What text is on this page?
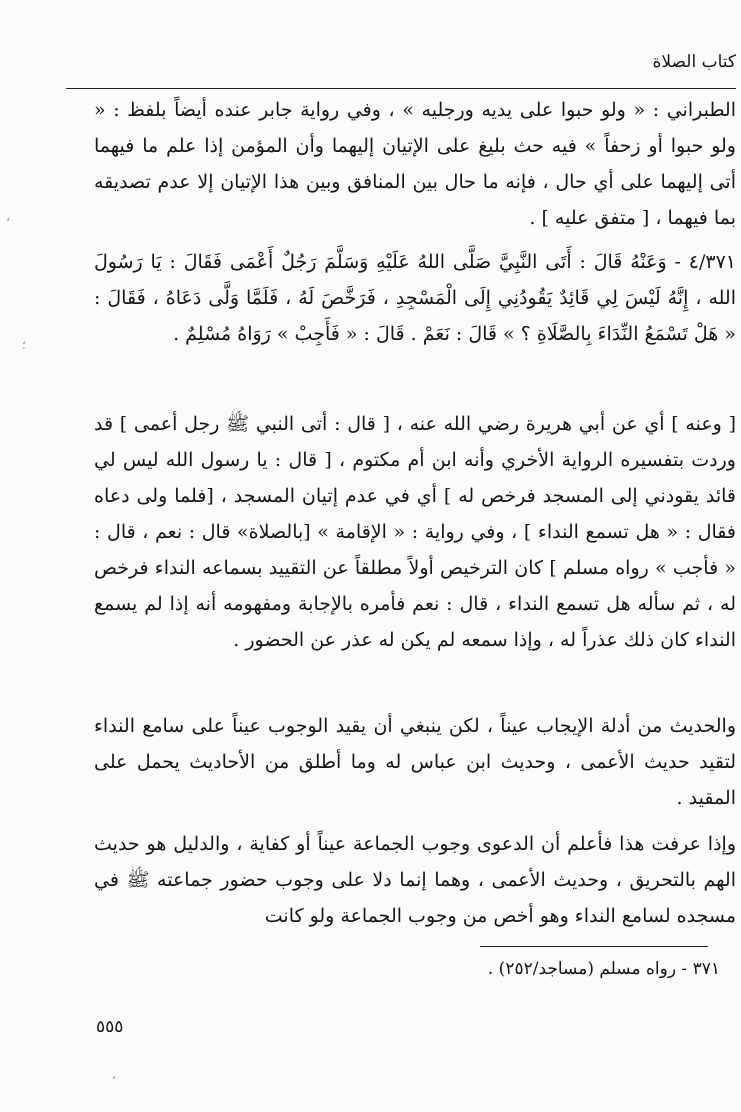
كتاب الصلاة
الطبراني : « ولو حبوا على يديه ورجليه » ، وفي رواية جابر عنده أيضاً بلفظ : « ولو حبوا أو زحفاً » فيه حث بليغ على الإتيان إليهما وأن المؤمن إذا علم ما فيهما أتى إليهما على أي حال ، فإنه ما حال بين المنافق وبين هذا الإتيان إلا عدم تصديقه بما فيهما ، [ متفق عليه ] .
٤/٣٧١ - وَعَنْهُ قَالَ : أَتَى النَّبِيَّ صَلَّى اللهُ عَلَيْهِ وَسَلَّمَ رَجُلٌ أَعْمَى فَقَالَ : يَا رَسُولَ الله ، إِنَّهُ لَيْسَ لِي قَائِدٌ يَقُودُنِي إِلَى الْمَسْجِدِ ، فَرَخَّصَ لَهُ ، فَلَمَّا وَلَّى دَعَاهُ ، فَقَالَ : « هَلْ تَسْمَعُ النِّدَاءَ بِالصَّلَاةِ ؟ » قَالَ : نَعَمْ . قَالَ : « فَأَجِبْ » رَوَاهُ مُسْلِمٌ .
[ وعنه ] أي عن أبي هريرة رضي الله عنه ، [ قال : أتى النبي ﷺ رجل أعمى ] قد وردت بتفسيره الرواية الأخري وأنه ابن أم مكتوم ، [ قال : يا رسول الله ليس لي قائد يقودني إلى المسجد فرخص له ] أي في عدم إتيان المسجد ، [فلما ولى دعاه فقال : « هل تسمع النداء ] ، وفي رواية : « الإقامة » [بالصلاة» قال : نعم ، قال : « فأجب » رواه مسلم ] كان الترخيص أولاً مطلقاً عن التقييد بسماعه النداء فرخص له ، ثم سأله هل تسمع النداء ، قال : نعم فأمره بالإجابة ومفهومه أنه إذا لم يسمع النداء كان ذلك عذراً له ، وإذا سمعه لم يكن له عذر عن الحضور .
والحديث من أدلة الإيجاب عيناً ، لكن ينبغي أن يقيد الوجوب عيناً على سامع النداء لتقيد حديث الأعمى ، وحديث ابن عباس له وما أطلق من الأحاديث يحمل على المقيد .
وإذا عرفت هذا فأعلم أن الدعوى وجوب الجماعة عيناً أو كفاية ، والدليل هو حديث الهم بالتحريق ، وحديث الأعمى ، وهما إنما دلا على وجوب حضور جماعته ﷺ في مسجده لسامع النداء وهو أخص من وجوب الجماعة ولو كانت
٣٧١ - رواه مسلم (مساجد/٢٥٢) .
٥٥٥
،
؛
،
